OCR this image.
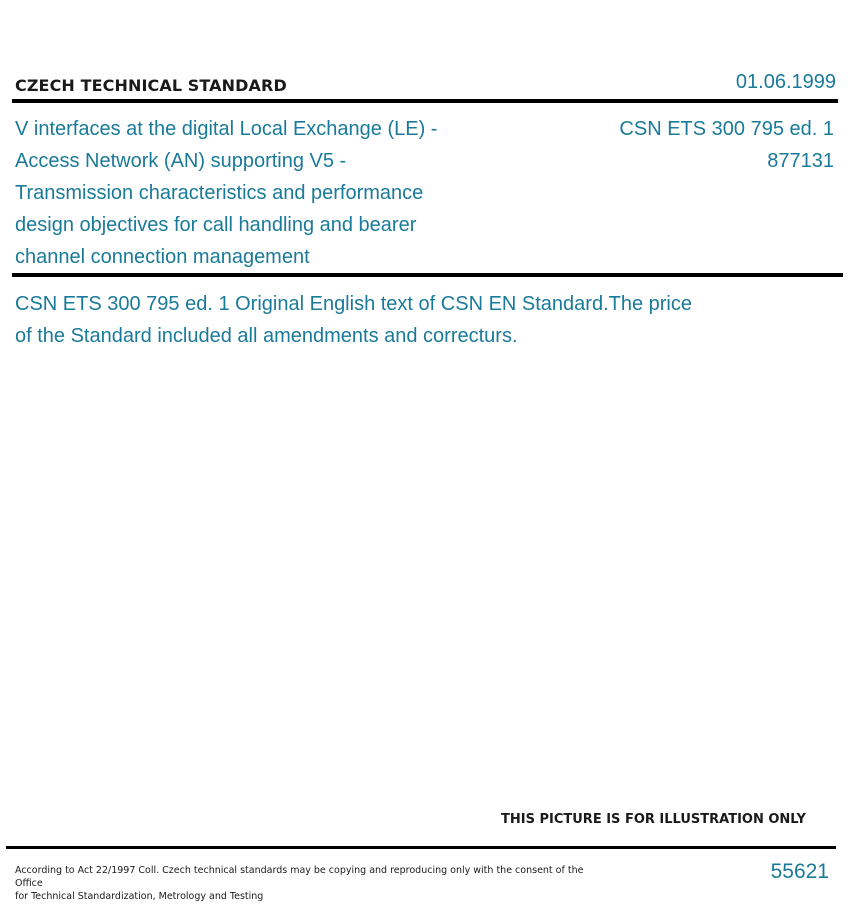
CZECH TECHNICAL STANDARD	01.06.1999
V interfaces at the digital Local Exchange (LE) - Access Network (AN) supporting V5 - Transmission characteristics and performance design objectives for call handling and bearer channel connection management
CSN ETS 300 795 ed. 1
877131
CSN ETS 300 795 ed. 1 Original English text of CSN EN Standard.The price of the Standard included all amendments and correcturs.
THIS PICTURE IS FOR ILLUSTRATION ONLY
According to Act 22/1997 Coll. Czech technical standards may be copying and reproducing only with the consent of the Office
for Technical Standardization, Metrology and Testing
55621
